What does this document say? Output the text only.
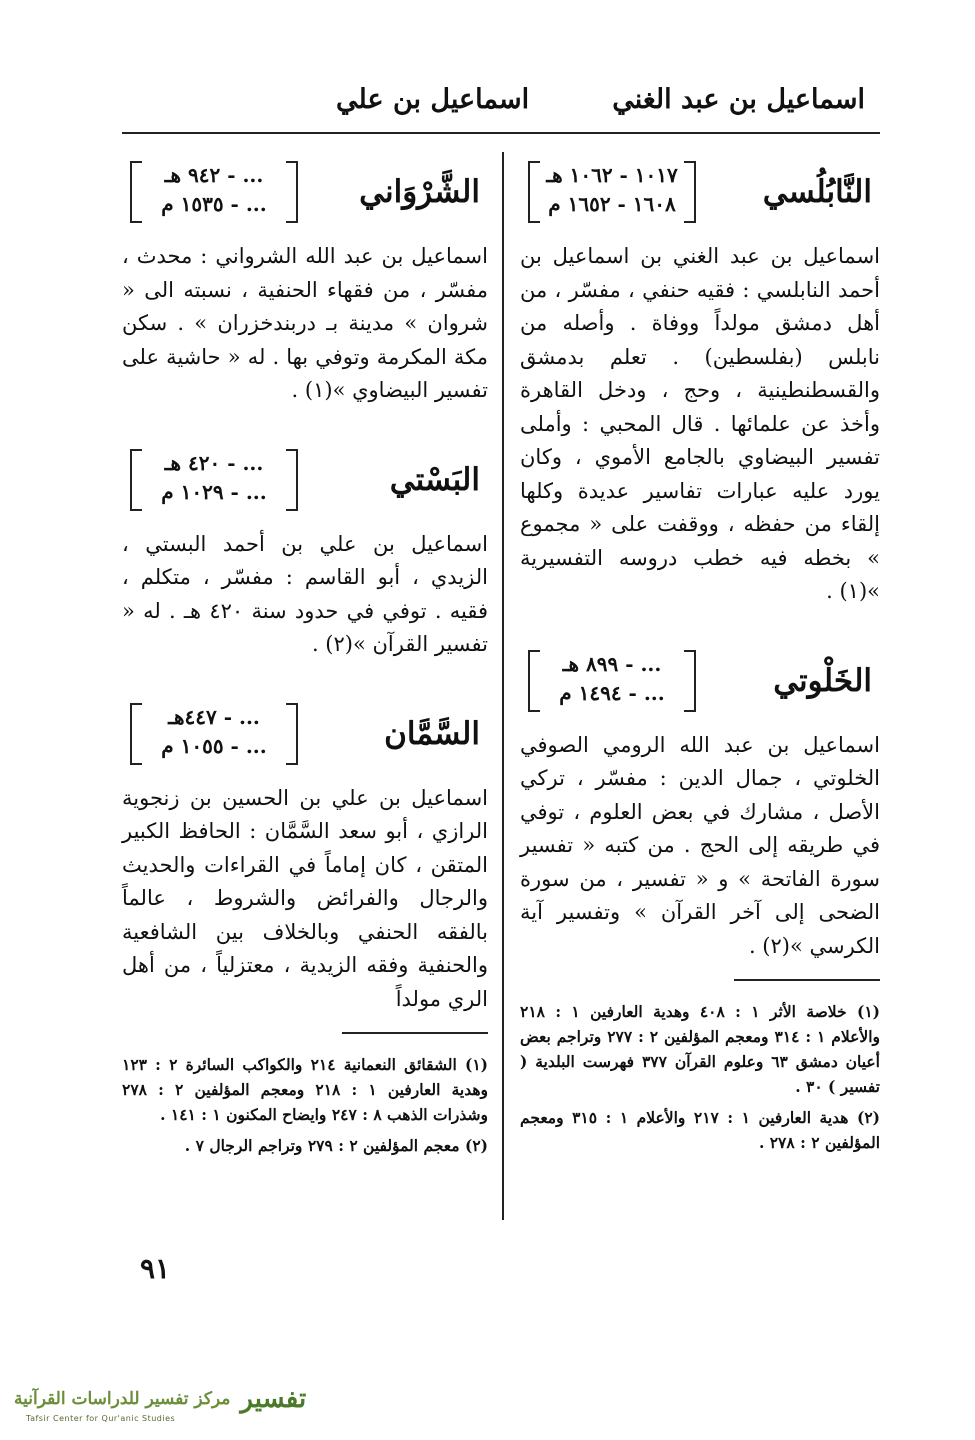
اسماعيل بن عبد الغني
اسماعيل بن علي
النَّابُلُسي
١٠١٧ - ١٠٦٢ هـ
١٦٠٨ - ١٦٥٢ م

اسماعيل بن عبد الغني بن اسماعيل بن أحمد النابلسي : فقيه حنفي ، مفسّر ، من أهل دمشق مولداً ووفاة . وأصله من نابلس (بفلسطين) . تعلم بدمشق والقسطنطينية ، وحج ، ودخل القاهرة وأخذ عن علمائها . قال المحبي : وأملى تفسير البيضاوي بالجامع الأموي ، وكان يورد عليه عبارات تفاسير عديدة وكلها إلقاء من حفظه ، ووقفت على « مجموع » بخطه فيه خطب دروسه التفسيرية »(١) .

الخَلْوتي
... - ٨٩٩ هـ
... - ١٤٩٤ م

اسماعيل بن عبد الله الرومي الصوفي الخلوتي ، جمال الدين : مفسّر ، تركي الأصل ، مشارك في بعض العلوم ، توفي في طريقه إلى الحج . من كتبه « تفسير سورة الفاتحة » و « تفسير ، من سورة الضحى إلى آخر القرآن » وتفسير آية الكرسي »(٢) .

(١) خلاصة الأثر ١ : ٤٠٨ وهدية العارفين ١ : ٢١٨ والأعلام ١ : ٣١٤ ومعجم المؤلفين ٢ : ٢٧٧ وتراجم بعض أعيان دمشق ٦٣ وعلوم القرآن ٣٧٧ فهرست البلدية ( تفسير ) ٣٠ .

(٢) هدية العارفين ١ : ٢١٧ والأعلام ١ : ٣١٥ ومعجم المؤلفين ٢ : ٢٧٨ .

الشَّرْوَاني
... - ٩٤٢ هـ
... - ١٥٣٥ م

اسماعيل بن عبد الله الشرواني : محدث ، مفسّر ، من فقهاء الحنفية ، نسبته الى « شروان » مدينة بـ دربندخزران » . سكن مكة المكرمة وتوفي بها . له « حاشية على تفسير البيضاوي »(١) .

البَسْتي
... - ٤٢٠ هـ
... - ١٠٢٩ م

اسماعيل بن علي بن أحمد البستي ، الزيدي ، أبو القاسم : مفسّر ، متكلم ، فقيه . توفي في حدود سنة ٤٢٠ هـ . له « تفسير القرآن »(٢) .

السَّمَّان
... - ٤٤٧هـ
... - ١٠٥٥ م

اسماعيل بن علي بن الحسين بن زنجوية الرازي ، أبو سعد السَّمَّان : الحافظ الكبير المتقن ، كان إماماً في القراءات والحديث والرجال والفرائض والشروط ، عالماً بالفقه الحنفي وبالخلاف بين الشافعية والحنفية وفقه الزيدية ، معتزلياً ، من أهل الري مولداً

(١) الشقائق النعمانية ٢١٤ والكواكب السائرة ٢ : ١٢٣ وهدية العارفين ١ : ٢١٨ ومعجم المؤلفين ٢ : ٢٧٨ وشذرات الذهب ٨ : ٢٤٧ وايضاح المكنون ١ : ١٤١ .

(٢) معجم المؤلفين ٢ : ٢٧٩ وتراجم الرجال ٧ .

٩١
مركز تفسير للدراسات القرآنية تفسير
Tafsir Center for Qur'anic Studies
